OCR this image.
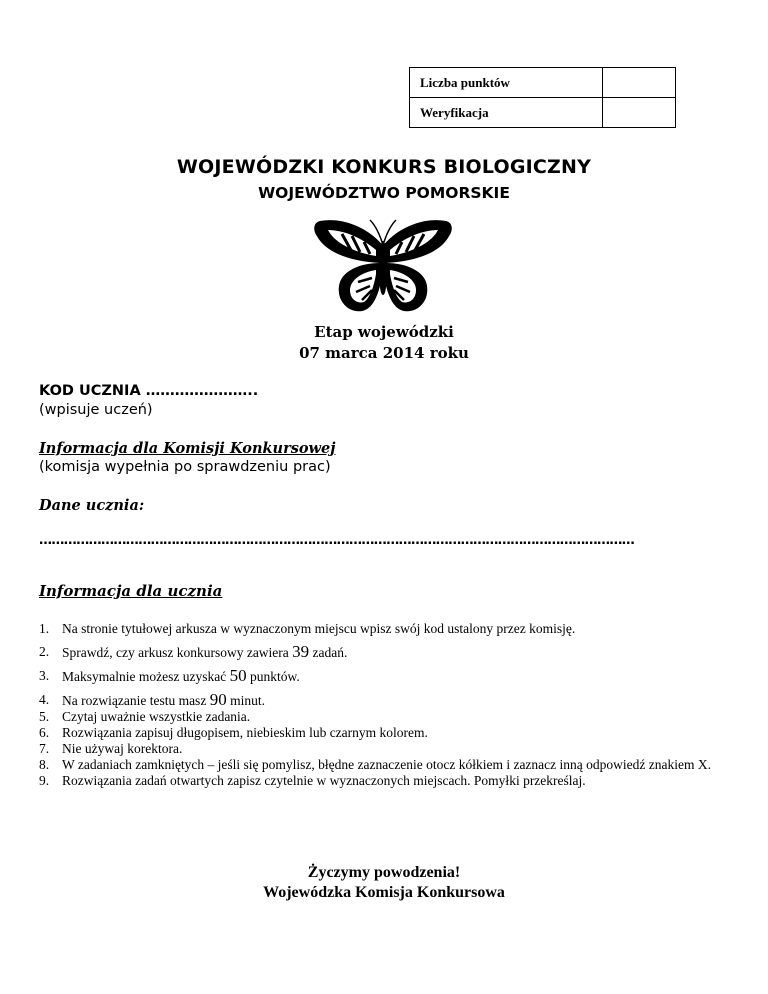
Liczba punktów	
Weryfikacja	
WOJEWÓDZKI KONKURS BIOLOGICZNY
WOJEWÓDZTWO POMORSKIE
Etap wojewódzki
07 marca 2014 roku
KOD UCZNIA …………………..
(wpisuje uczeń)
Informacja dla Komisji Konkursowej
(komisja wypełnia po sprawdzeniu prac)
Dane ucznia:
………………………………………………………………………………………………………………………………
Informacja dla ucznia
1. Na stronie tytułowej arkusza w wyznaczonym miejscu wpisz swój kod ustalony przez komisję.
2. Sprawdź, czy arkusz konkursowy zawiera 39 zadań.
3. Maksymalnie możesz uzyskać 50 punktów.
4. Na rozwiązanie testu masz 90 minut.
5. Czytaj uważnie wszystkie zadania.
6. Rozwiązania zapisuj długopisem, niebieskim lub czarnym kolorem.
7. Nie używaj korektora.
8. W zadaniach zamkniętych – jeśli się pomylisz, błędne zaznaczenie otocz kółkiem i zaznacz inną odpowiedź znakiem X.
9. Rozwiązania zadań otwartych zapisz czytelnie w wyznaczonych miejscach. Pomyłki przekreślaj.
Życzymy powodzenia!
Wojewódzka Komisja Konkursowa
